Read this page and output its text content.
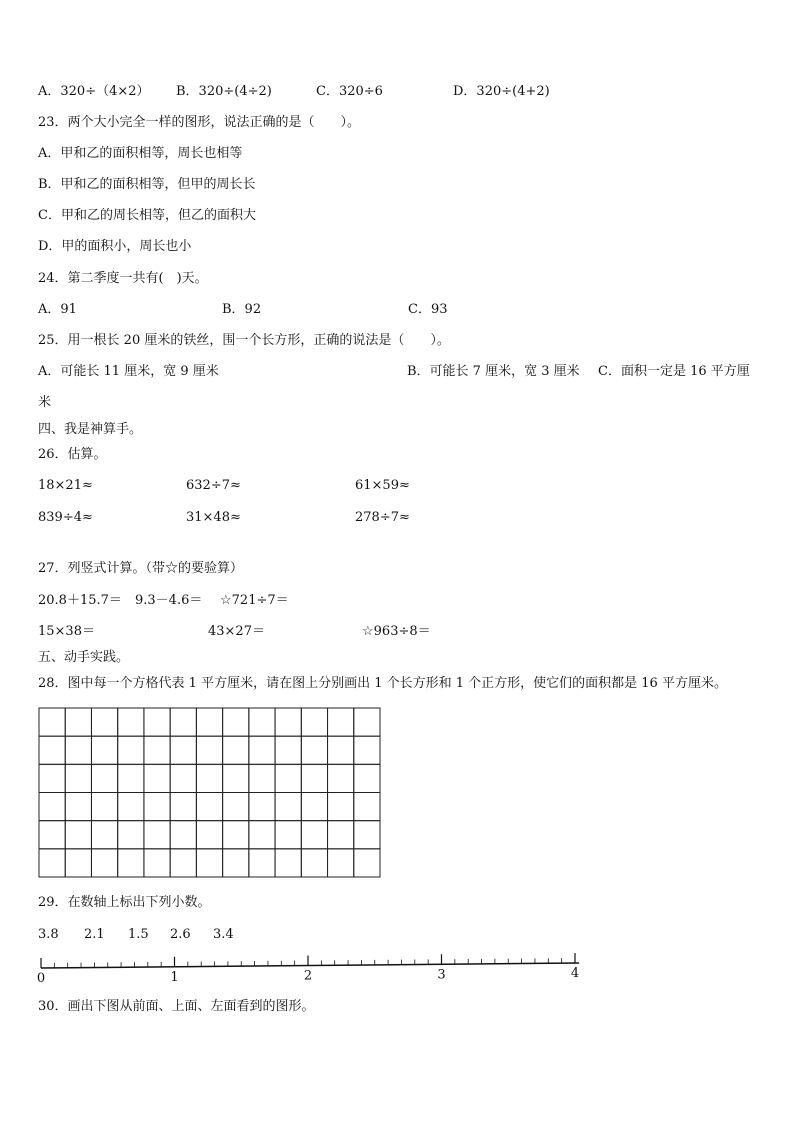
A．320÷（4×2） B．320÷(4÷2)	C．320÷6	D．320÷(4+2)
23．两个大小完全一样的图形，说法正确的是（　　）。
A．甲和乙的面积相等，周长也相等
B．甲和乙的面积相等，但甲的周长长
C．甲和乙的周长相等，但乙的面积大
D．甲的面积小，周长也小
24．第二季度一共有(　)天。
A．91	B．92	C．93
25．用一根长 20 厘米的铁丝，围一个长方形，正确的说法是（　　）。
A．可能长 11 厘米，宽 9 厘米	B．可能长 7 厘米，宽 3 厘米 C．面积一定是 16 平方厘
米
四、我是神算手。
26．估算。
18×21≈	632÷7≈	61×59≈
839÷4≈	31×48≈	278÷7≈
27．列竖式计算。（带☆的要验算）
20.8＋15.7＝ 9.3－4.6＝ ☆721÷7＝
15×38＝	43×27＝	☆963÷8＝
五、动手实践。
28．图中每一个方格代表 1 平方厘米，请在图上分别画出 1 个长方形和 1 个正方形，使它们的面积都是 16 平方厘米。
29．在数轴上标出下列小数。
3.8 2.1 1.5 2.6 3.4
0	1	2	3	4
30．画出下图从前面、上面、左面看到的图形。
